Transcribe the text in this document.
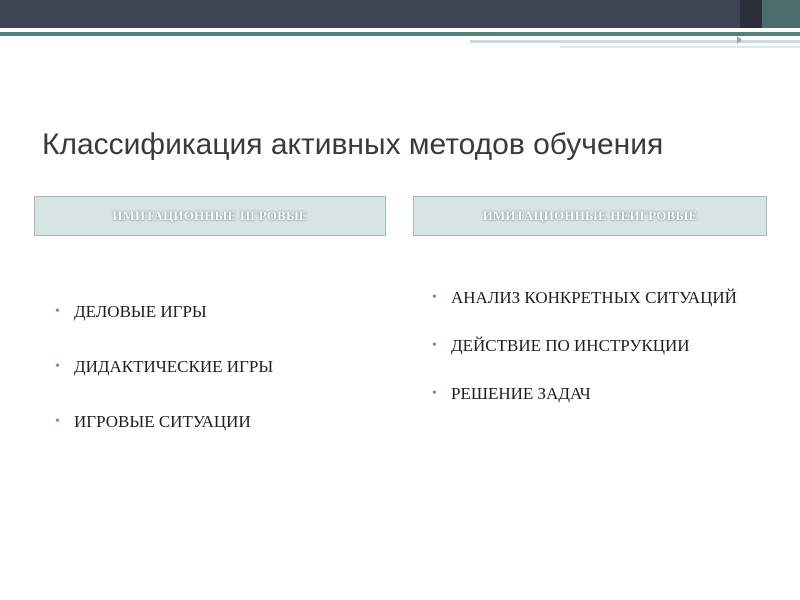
Классификация активных методов обучения
ИМИТАЦИОННЫЕ ИГРОВЫЕ	ИМИТАЦИОННЫЕ НЕИГРОВЫЕ
• ДЕЛОВЫЕ ИГРЫ
• ДИДАКТИЧЕСКИЕ ИГРЫ
• ИГРОВЫЕ СИТУАЦИИ
• АНАЛИЗ КОНКРЕТНЫХ СИТУАЦИЙ
• ДЕЙСТВИЕ ПО ИНСТРУКЦИИ
• РЕШЕНИЕ ЗАДАЧ
